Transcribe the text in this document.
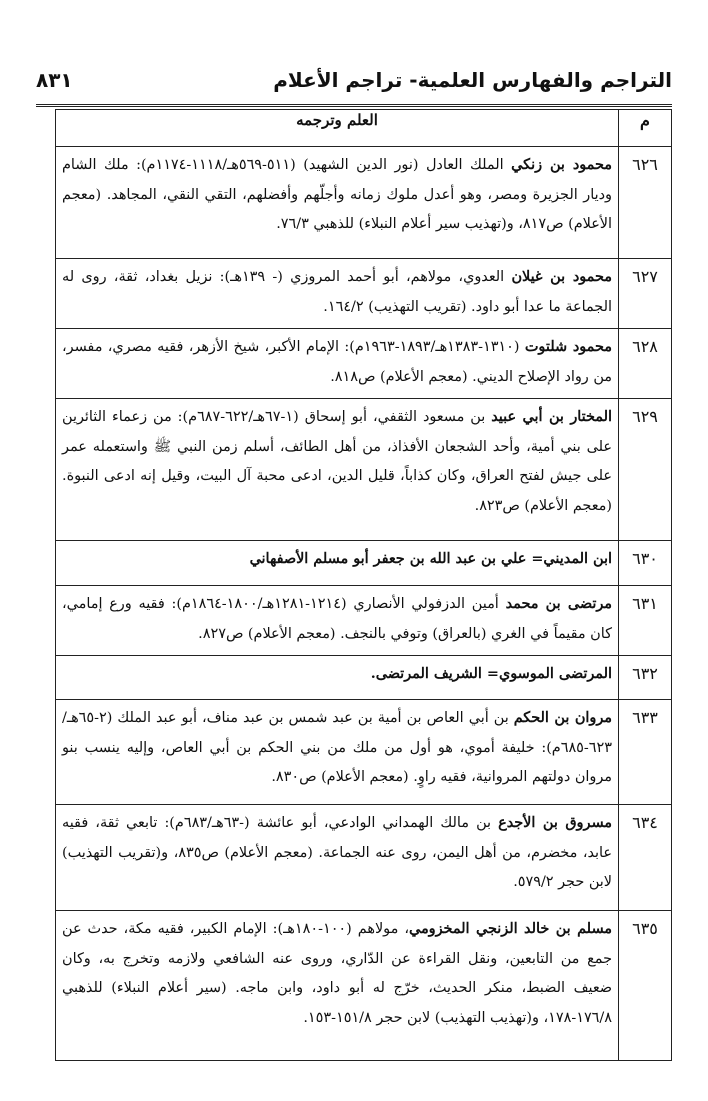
التراجم والفهارس العلمية- تراجم الأعلام
٨٣١
م	العلم وترجمه
٦٢٦	محمود بن زنكي الملك العادل (نور الدين الشهيد) (٥١١-٥٦٩هـ/١١١٨-١١٧٤م): ملك الشام وديار الجزيرة ومصر، وهو أعدل ملوك زمانه وأجلّهم وأفضلهم، التقي النقي، المجاهد. (معجم الأعلام) ص٨١٧، و(تهذيب سير أعلام النبلاء) للذهبي ٧٦/٣.
٦٢٧	محمود بن غيلان العدوي، مولاهم، أبو أحمد المروزي (- ١٣٩هـ): نزيل بغداد، ثقة، روى له الجماعة ما عدا أبو داود. (تقريب التهذيب) ١٦٤/٢.
٦٢٨	محمود شلتوت (١٣١٠-١٣٨٣هـ/١٨٩٣-١٩٦٣م): الإمام الأكبر، شيخ الأزهر، فقيه مصري، مفسر، من رواد الإصلاح الديني. (معجم الأعلام) ص٨١٨.
٦٢٩	المختار بن أبي عبيد بن مسعود الثقفي، أبو إسحاق (١-٦٧هـ/٦٢٢-٦٨٧م): من زعماء الثائرين على بني أمية، وأحد الشجعان الأفذاذ، من أهل الطائف، أسلم زمن النبي ﷺ واستعمله عمر على جيش لفتح العراق، وكان كذاباً، قليل الدين، ادعى محبة آل البيت، وقيل إنه ادعى النبوة. (معجم الأعلام) ص٨٢٣.
٦٣٠	ابن المديني= علي بن عبد الله بن جعفر أبو مسلم الأصفهاني
٦٣١	مرتضى بن محمد أمين الدزفولي الأنصاري (١٢١٤-١٢٨١هـ/١٨٠٠-١٨٦٤م): فقيه ورع إمامي، كان مقيماً في الغري (بالعراق) وتوفي بالنجف. (معجم الأعلام) ص٨٢٧.
٦٣٢	المرتضى الموسوي= الشريف المرتضى.
٦٣٣	مروان بن الحكم بن أبي العاص بن أمية بن عبد شمس بن عبد مناف، أبو عبد الملك (٢-٦٥هـ/٦٢٣-٦٨٥م): خليفة أموي، هو أول من ملك من بني الحكم بن أبي العاص، وإليه ينسب بنو مروان دولتهم المروانية، فقيه راوٍ. (معجم الأعلام) ص٨٣٠.
٦٣٤	مسروق بن الأجدع بن مالك الهمداني الوادعي، أبو عائشة (-٦٣هـ/٦٨٣م): تابعي ثقة، فقيه عابد، مخضرم، من أهل اليمن، روى عنه الجماعة. (معجم الأعلام) ص٨٣٥، و(تقريب التهذيب) لابن حجر ٥٧٩/٢.
٦٣٥	مسلم بن خالد الزنجي المخزومي، مولاهم (١٠٠-١٨٠هـ): الإمام الكبير، فقيه مكة، حدث عن جمع من التابعين، ونقل القراءة عن الدّاري، وروى عنه الشافعي ولازمه وتخرج به، وكان ضعيف الضبط، منكر الحديث، خرّج له أبو داود، وابن ماجه. (سير أعلام النبلاء) للذهبي ١٧٦/٨-١٧٨، و(تهذيب التهذيب) لابن حجر ١٥١/٨-١٥٣.
